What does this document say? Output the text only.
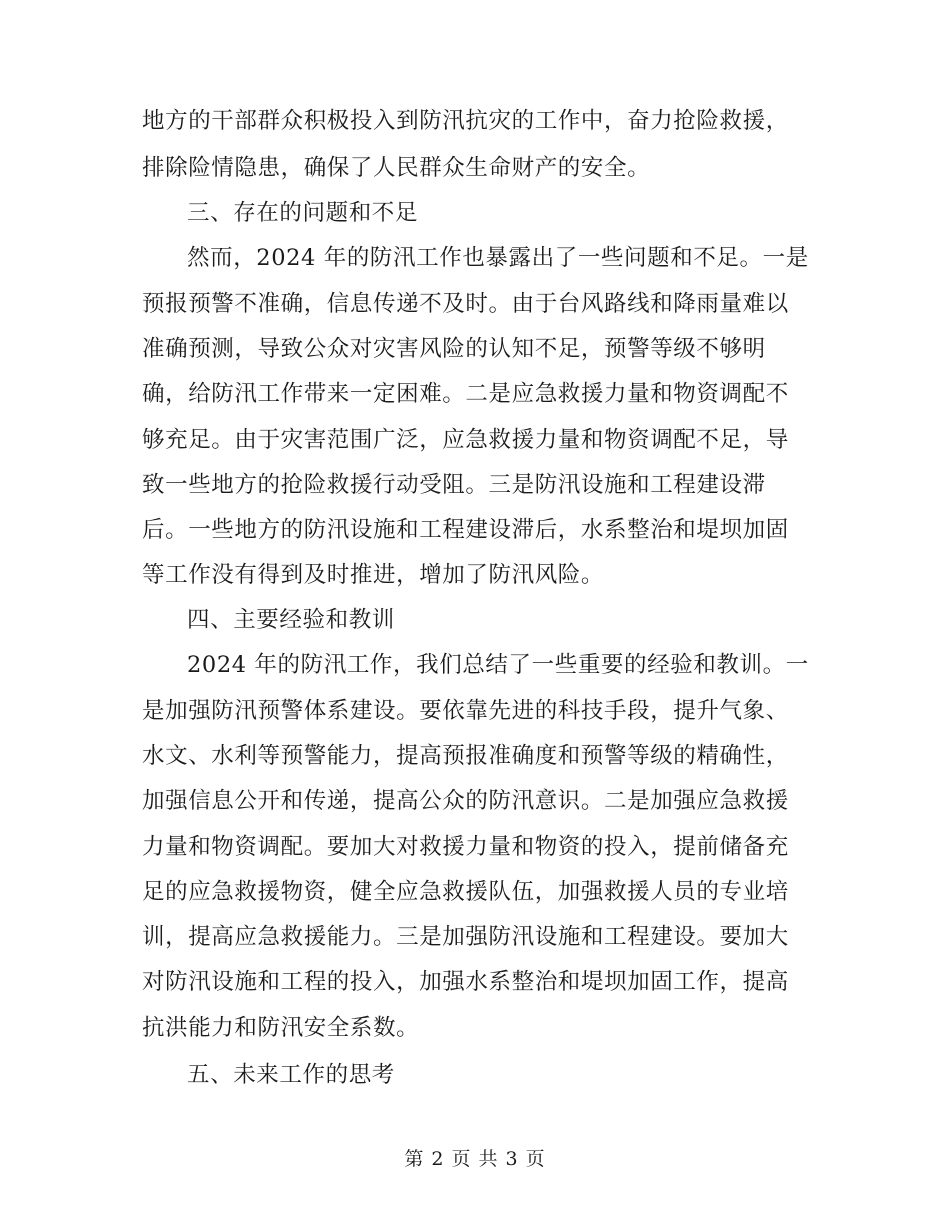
地方的干部群众积极投入到防汛抗灾的工作中，奋力抢险救援，
排除险情隐患，确保了人民群众生命财产的安全。
三、存在的问题和不足
然而，2024 年的防汛工作也暴露出了一些问题和不足。一是
预报预警不准确，信息传递不及时。由于台风路线和降雨量难以
准确预测，导致公众对灾害风险的认知不足，预警等级不够明
确，给防汛工作带来一定困难。二是应急救援力量和物资调配不
够充足。由于灾害范围广泛，应急救援力量和物资调配不足，导
致一些地方的抢险救援行动受阻。三是防汛设施和工程建设滞
后。一些地方的防汛设施和工程建设滞后，水系整治和堤坝加固
等工作没有得到及时推进，增加了防汛风险。
四、主要经验和教训
2024 年的防汛工作，我们总结了一些重要的经验和教训。一
是加强防汛预警体系建设。要依靠先进的科技手段，提升气象、
水文、水利等预警能力，提高预报准确度和预警等级的精确性，
加强信息公开和传递，提高公众的防汛意识。二是加强应急救援
力量和物资调配。要加大对救援力量和物资的投入，提前储备充
足的应急救援物资，健全应急救援队伍，加强救援人员的专业培
训，提高应急救援能力。三是加强防汛设施和工程建设。要加大
对防汛设施和工程的投入，加强水系整治和堤坝加固工作，提高
抗洪能力和防汛安全系数。
五、未来工作的思考
第 2 页 共 3 页
